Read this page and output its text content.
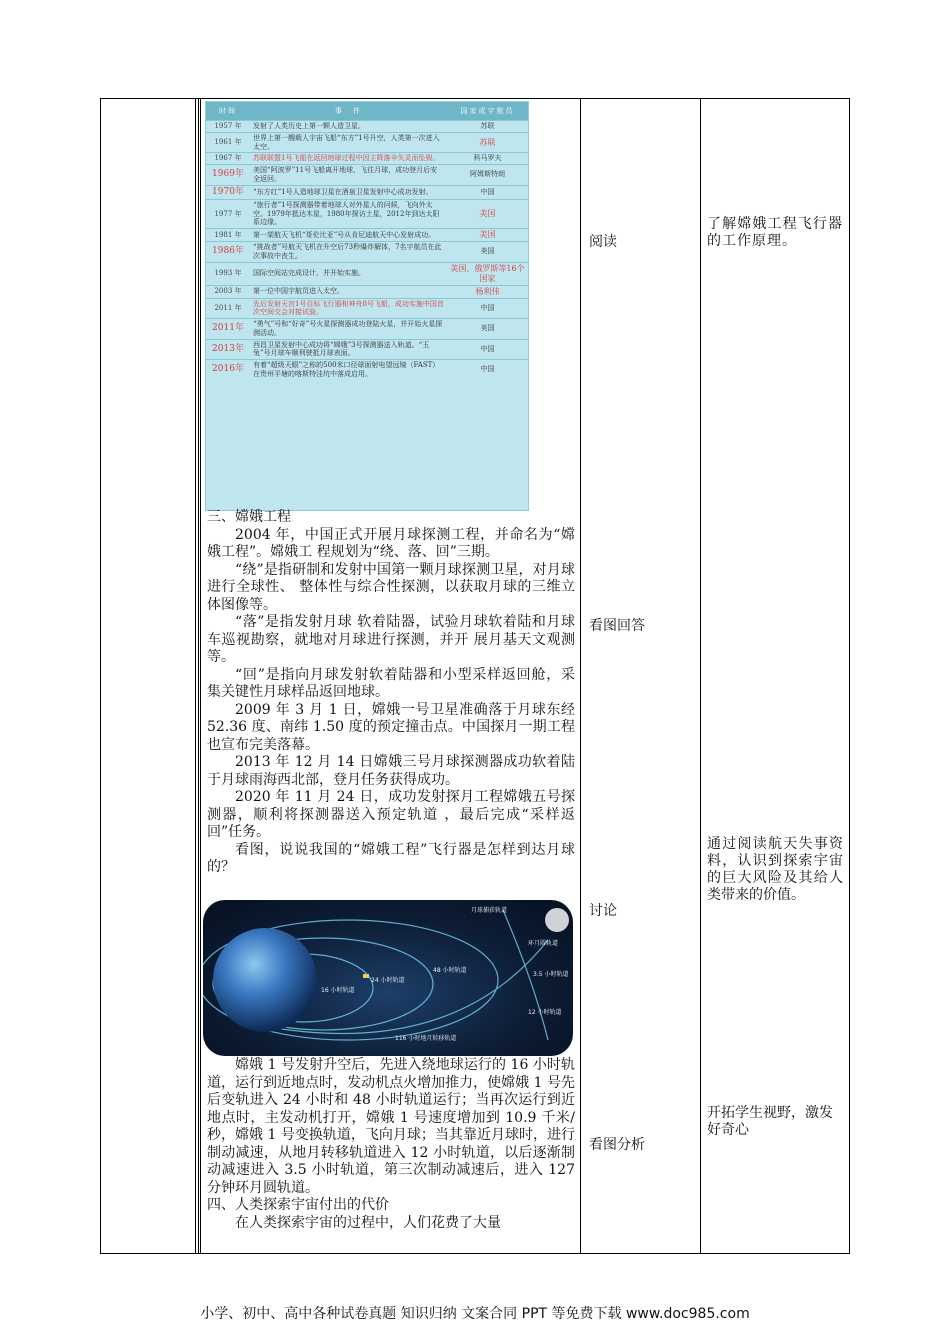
时间	事　件	国家或宇航员
1957 年	发射了人类历史上第一颗人造卫星。	苏联
1961 年	世界上第一艘载人宇宙飞船“东方”1号升空，人类第一次进入太空。	苏联
1967 年	苏联联盟1号飞船在返回地球过程中因主降落伞失灵而坠毁。	科马罗夫
1969年	美国“阿波罗”11号飞船离开地球，飞往月球，成功登月后安全返回。	阿姆斯特朗
1970年	“东方红”1号人造地球卫星在酒泉卫星发射中心成功发射。	中国
1977 年	“旅行者”1号探测器带着地球人对外星人的问候，飞向外太空。1979年抵达木星，1980年探访土星，2012年到达太阳系边缘。	美国
1981 年	第一架航天飞机“哥伦比亚”号从肯尼迪航天中心发射成功。	美国
1986年	“挑战者”号航天飞机在升空后73秒爆炸解体，7名宇航员在此次事故中丧生。	美国
1993 年	国际空间站完成设计，并开始实施。	美国、俄罗斯等16个国家
2003 年	第一位中国宇航员进入太空。	杨利伟
2011 年	先后发射天宫1号目标飞行器和神舟8号飞船，成功实施中国首次空间交会对接试验。	中国
2011年	“勇气”号和“好奇”号火星探测器成功登陆火星，并开始火星探测活动。	美国
2013年	西昌卫星发射中心成功将“嫦娥”3号探测器送入轨道。“玉兔”号月球车顺利驶抵月球表面。	中国
2016年	有着“超级天眼”之称的500米口径球面射电望远镜（FAST）在贵州平塘的喀斯特洼坑中落成启用。	中国

三、嫦娥工程

2004 年，中国正式开展月球探测工程，并命名为“嫦娥工程”。嫦娥工 程规划为“绕、落、回”三期。

“绕”是指研制和发射中国第一颗月球探测卫星，对月球进行全球性、 整体性与综合性探测，以获取月球的三维立体图像等。

“落”是指发射月球 软着陆器，试验月球软着陆和月球车巡视勘察，就地对月球进行探测，并开 展月基天文观测等。

“回”是指向月球发射软着陆器和小型采样返回舱，采 集关键性月球样品返回地球。

2009 年 3 月 1 日，嫦娥一号卫星准确落于月球东经 52.36 度、南纬 1.50 度的预定撞击点。中国探月一期工程也宣布完美落幕。

2013 年 12 月 14 日嫦娥三号月球探测器成功软着陆于月球雨海西北部，登月任务获得成功。

2020 年 11 月 24 日，成功发射探月工程嫦娥五号探测器，顺利将探测器送入预定轨道 ，最后完成“采样返回”任务。

看图，说说我国的“嫦娥工程”飞行器是怎样到达月球的？

月球捕获轨道
环月圆轨道
48 小时轨道
24 小时轨道
16 小时轨道
3.5 小时轨道
12 小时轨道
116 小时地月转移轨道

嫦娥 1 号发射升空后，先进入绕地球运行的 16 小时轨道，运行到近地点时，发动机点火增加推力，使嫦娥 1 号先后变轨进入 24 小时和 48 小时轨道运行；当再次运行到近地点时，主发动机打开，嫦娥 1 号速度增加到 10.9 千米/秒，嫦娥 1 号变换轨道，飞向月球；当其靠近月球时，进行制动减速，从地月转移轨道进入 12 小时轨道，以后逐渐制动减速进入 3.5 小时轨道，第三次制动减速后，进入 127 分钟环月圆轨道。

四、人类探索宇宙付出的代价

在人类探索宇宙的过程中，人们花费了大量

阅读
看图回答
讨论
看图分析
了解嫦娥工程飞行器的工作原理。
通过阅读航天失事资料，认识到探索宇宙的巨大风险及其给人类带来的价值。
开拓学生视野，激发好奇心
小学、初中、高中各种试卷真题 知识归纳 文案合同 PPT 等免费下载 www.doc985.com
